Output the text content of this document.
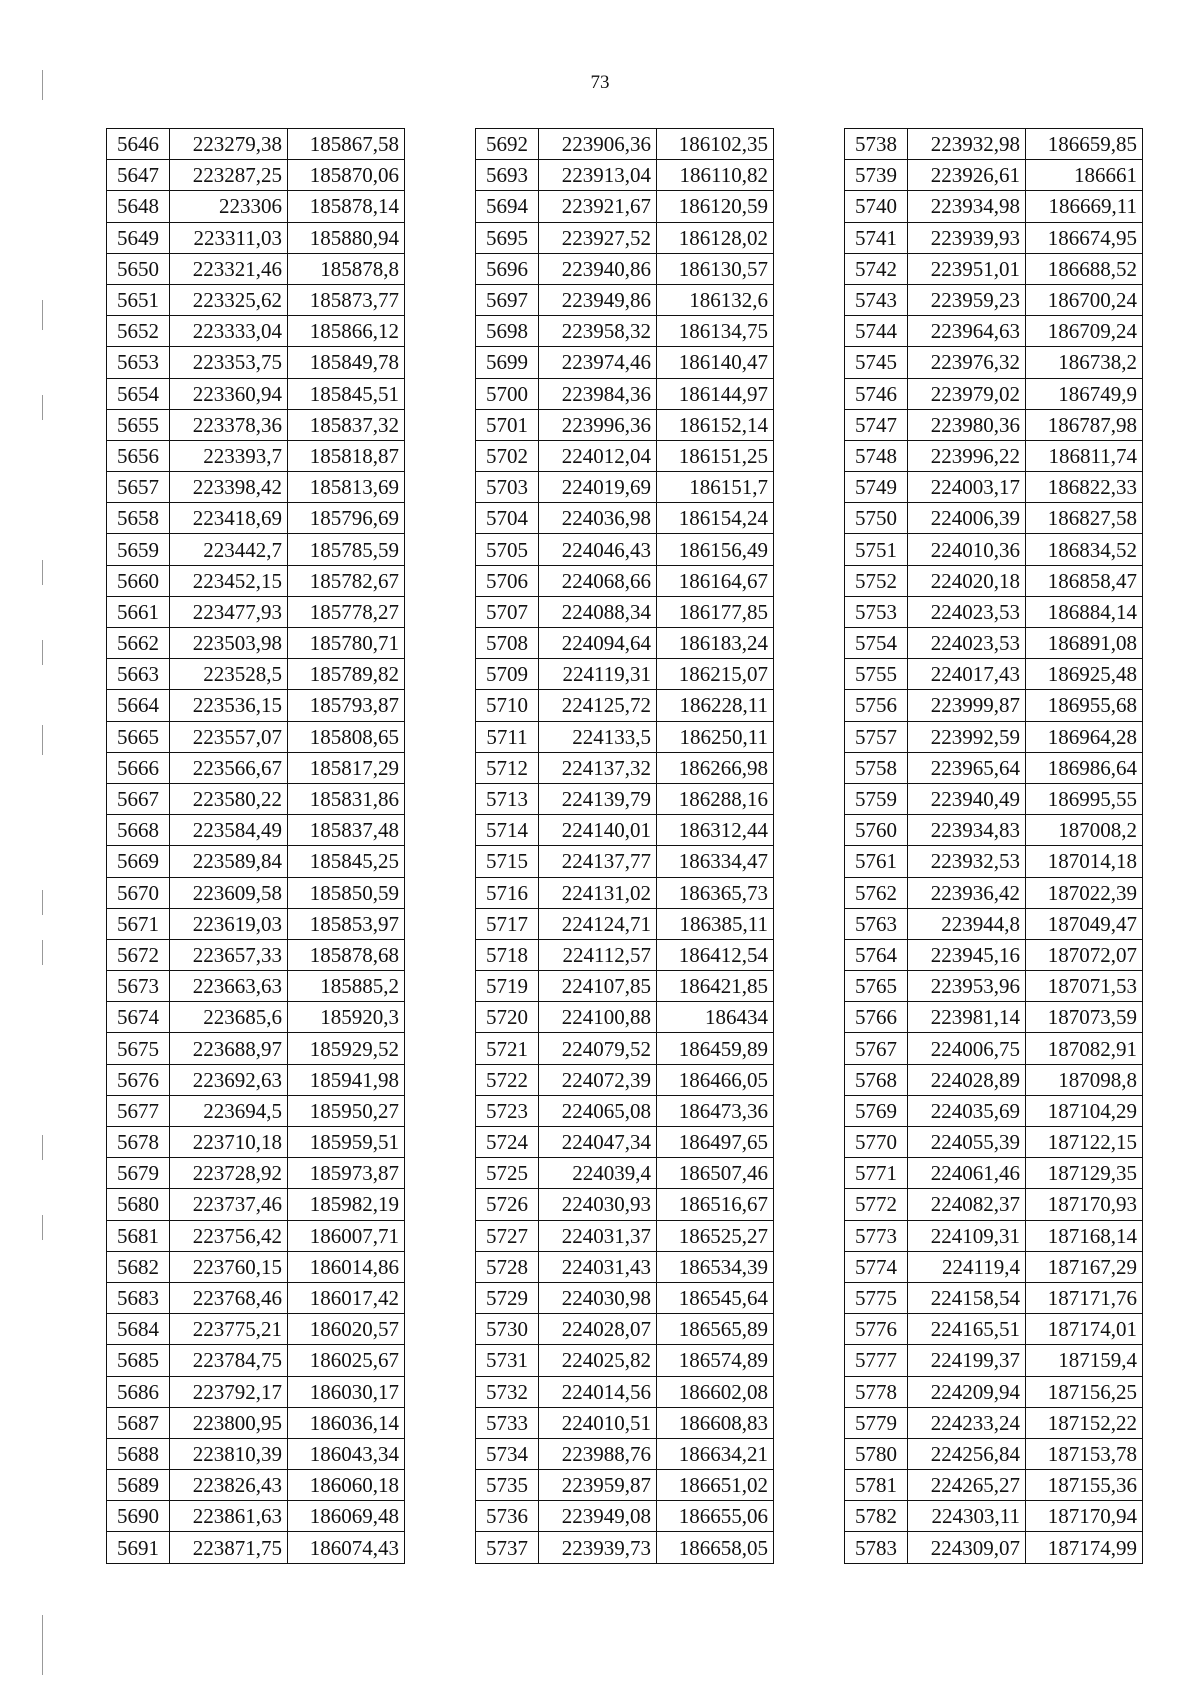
73
5646	223279,38	185867,58
5647	223287,25	185870,06
5648	223306	185878,14
5649	223311,03	185880,94
5650	223321,46	185878,8
5651	223325,62	185873,77
5652	223333,04	185866,12
5653	223353,75	185849,78
5654	223360,94	185845,51
5655	223378,36	185837,32
5656	223393,7	185818,87
5657	223398,42	185813,69
5658	223418,69	185796,69
5659	223442,7	185785,59
5660	223452,15	185782,67
5661	223477,93	185778,27
5662	223503,98	185780,71
5663	223528,5	185789,82
5664	223536,15	185793,87
5665	223557,07	185808,65
5666	223566,67	185817,29
5667	223580,22	185831,86
5668	223584,49	185837,48
5669	223589,84	185845,25
5670	223609,58	185850,59
5671	223619,03	185853,97
5672	223657,33	185878,68
5673	223663,63	185885,2
5674	223685,6	185920,3
5675	223688,97	185929,52
5676	223692,63	185941,98
5677	223694,5	185950,27
5678	223710,18	185959,51
5679	223728,92	185973,87
5680	223737,46	185982,19
5681	223756,42	186007,71
5682	223760,15	186014,86
5683	223768,46	186017,42
5684	223775,21	186020,57
5685	223784,75	186025,67
5686	223792,17	186030,17
5687	223800,95	186036,14
5688	223810,39	186043,34
5689	223826,43	186060,18
5690	223861,63	186069,48
5691	223871,75	186074,43
5692	223906,36	186102,35
5693	223913,04	186110,82
5694	223921,67	186120,59
5695	223927,52	186128,02
5696	223940,86	186130,57
5697	223949,86	186132,6
5698	223958,32	186134,75
5699	223974,46	186140,47
5700	223984,36	186144,97
5701	223996,36	186152,14
5702	224012,04	186151,25
5703	224019,69	186151,7
5704	224036,98	186154,24
5705	224046,43	186156,49
5706	224068,66	186164,67
5707	224088,34	186177,85
5708	224094,64	186183,24
5709	224119,31	186215,07
5710	224125,72	186228,11
5711	224133,5	186250,11
5712	224137,32	186266,98
5713	224139,79	186288,16
5714	224140,01	186312,44
5715	224137,77	186334,47
5716	224131,02	186365,73
5717	224124,71	186385,11
5718	224112,57	186412,54
5719	224107,85	186421,85
5720	224100,88	186434
5721	224079,52	186459,89
5722	224072,39	186466,05
5723	224065,08	186473,36
5724	224047,34	186497,65
5725	224039,4	186507,46
5726	224030,93	186516,67
5727	224031,37	186525,27
5728	224031,43	186534,39
5729	224030,98	186545,64
5730	224028,07	186565,89
5731	224025,82	186574,89
5732	224014,56	186602,08
5733	224010,51	186608,83
5734	223988,76	186634,21
5735	223959,87	186651,02
5736	223949,08	186655,06
5737	223939,73	186658,05
5738	223932,98	186659,85
5739	223926,61	186661
5740	223934,98	186669,11
5741	223939,93	186674,95
5742	223951,01	186688,52
5743	223959,23	186700,24
5744	223964,63	186709,24
5745	223976,32	186738,2
5746	223979,02	186749,9
5747	223980,36	186787,98
5748	223996,22	186811,74
5749	224003,17	186822,33
5750	224006,39	186827,58
5751	224010,36	186834,52
5752	224020,18	186858,47
5753	224023,53	186884,14
5754	224023,53	186891,08
5755	224017,43	186925,48
5756	223999,87	186955,68
5757	223992,59	186964,28
5758	223965,64	186986,64
5759	223940,49	186995,55
5760	223934,83	187008,2
5761	223932,53	187014,18
5762	223936,42	187022,39
5763	223944,8	187049,47
5764	223945,16	187072,07
5765	223953,96	187071,53
5766	223981,14	187073,59
5767	224006,75	187082,91
5768	224028,89	187098,8
5769	224035,69	187104,29
5770	224055,39	187122,15
5771	224061,46	187129,35
5772	224082,37	187170,93
5773	224109,31	187168,14
5774	224119,4	187167,29
5775	224158,54	187171,76
5776	224165,51	187174,01
5777	224199,37	187159,4
5778	224209,94	187156,25
5779	224233,24	187152,22
5780	224256,84	187153,78
5781	224265,27	187155,36
5782	224303,11	187170,94
5783	224309,07	187174,99
